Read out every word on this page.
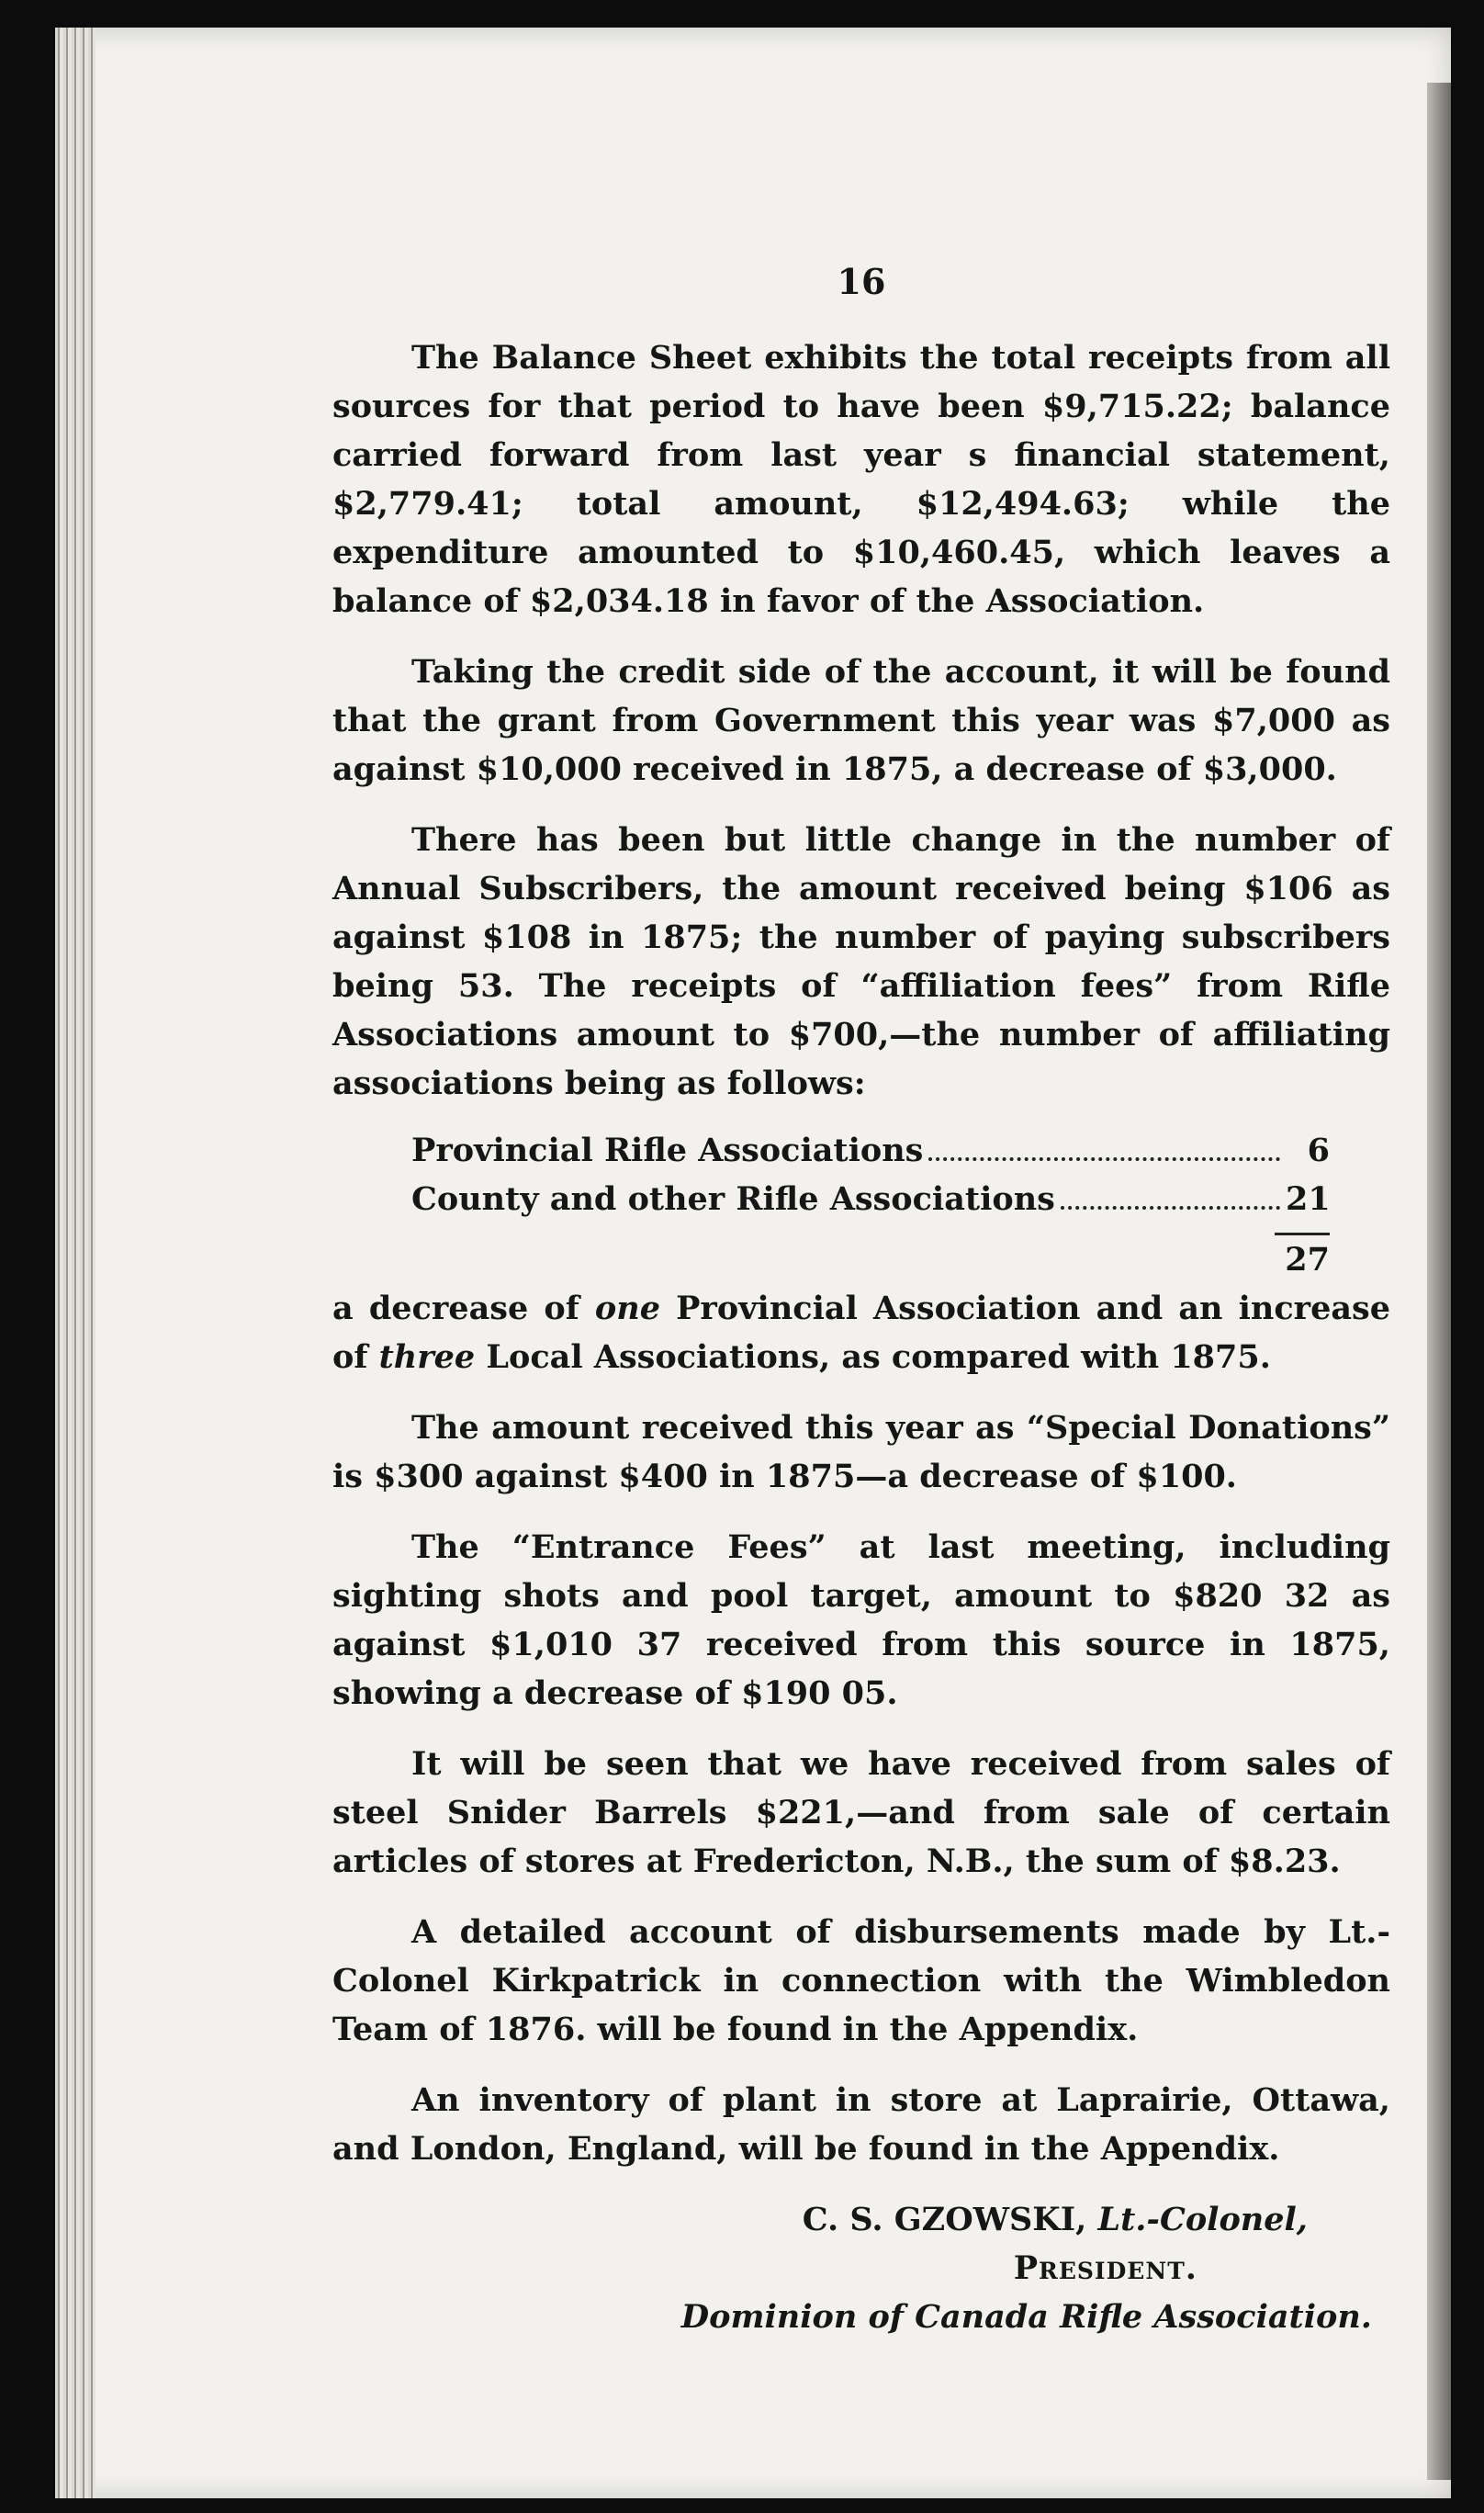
16

The Balance Sheet exhibits the total receipts from all sources for that period to have been $9,715.22; balance carried forward from last year s financial statement, $2,779.41; total amount, $12,494.63; while the expenditure amounted to $10,460.45, which leaves a balance of $2,034.18 in favor of the Association.

Taking the credit side of the account, it will be found that the grant from Government this year was $7,000 as against $10,000 received in 1875, a decrease of $3,000.

There has been but little change in the number of Annual Subscribers, the amount received being $106 as against $108 in 1875; the number of paying subscribers being 53. The receipts of “affiliation fees” from Rifle Associations amount to $700,—the number of affiliating associations being as follows:

Provincial Rifle Associations	6
County and other Rifle Associations	21
27

a decrease of one Provincial Association and an increase of three Local Associations, as compared with 1875.

The amount received this year as “Special Donations” is $300 against $400 in 1875—a decrease of $100.

The “Entrance Fees” at last meeting, including sighting shots and pool target, amount to $820 32 as against $1,010 37 received from this source in 1875, showing a decrease of $190 05.

It will be seen that we have received from sales of steel Snider Barrels $221,—and from sale of certain articles of stores at Fredericton, N.B., the sum of $8.23.

A detailed account of disbursements made by Lt.-Colonel Kirkpatrick in connection with the Wimbledon Team of 1876. will be found in the Appendix.

An inventory of plant in store at Laprairie, Ottawa, and London, England, will be found in the Appendix.

C. S. GZOWSKI, Lt.-Colonel,
President.
Dominion of Canada Rifle Association.
